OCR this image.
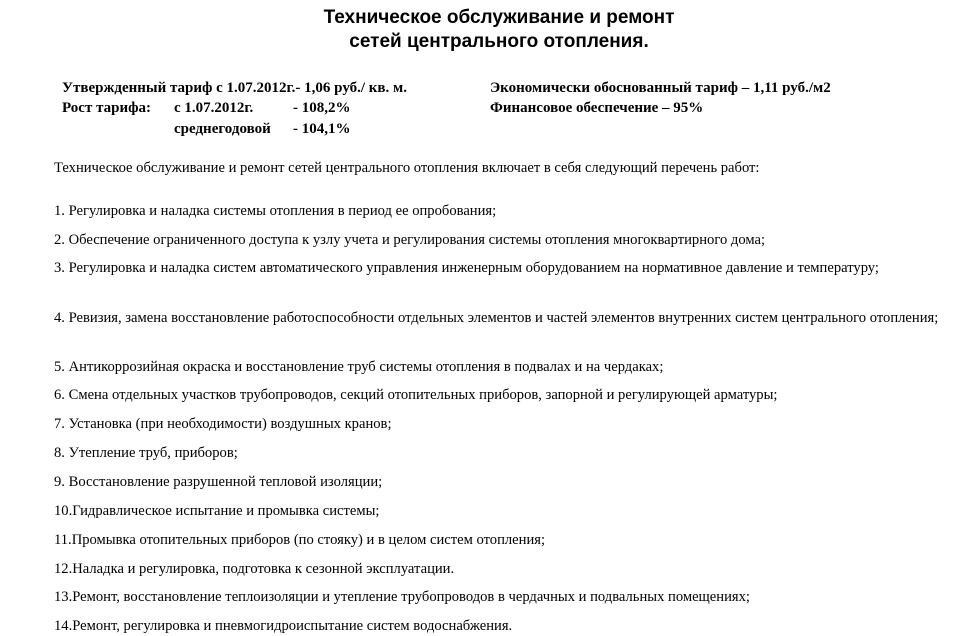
Техническое обслуживание и ремонт
сетей центрального отопления.
Утвержденный тариф с 1.07.2012г.- 1,06 руб./ кв. м.
Рост тарифа: с 1.07.2012г.	- 108,2%
среднегодовой - 104,1%
Экономически обоснованный тариф – 1,11 руб./м2
Финансовое обеспечение – 95%

Техническое обслуживание и ремонт сетей центрального отопления включает в себя следующий перечень работ:

1. Регулировка и наладка системы отопления в период ее опробования;

2. Обеспечение ограниченного доступа к узлу учета и регулирования системы отопления многоквартирного дома;

3. Регулировка и наладка систем автоматического управления инженерным оборудованием на нормативное давление и температуру;

4. Ревизия, замена восстановление работоспособности отдельных элементов и частей элементов внутренних систем центрального отопления;

5. Антикоррозийная окраска и восстановление труб системы отопления в подвалах и на чердаках;

6. Смена отдельных участков трубопроводов, секций отопительных приборов, запорной и регулирующей арматуры;

7. Установка (при необходимости) воздушных кранов;

8. Утепление труб, приборов;

9. Восстановление разрушенной тепловой изоляции;

10.Гидравлическое испытание и промывка системы;

11.Промывка отопительных приборов (по стояку) и в целом систем отопления;

12.Наладка и регулировка, подготовка к сезонной эксплуатации.

13.Ремонт, восстановление теплоизоляции и утепление трубопроводов в чердачных и подвальных помещениях;

14.Ремонт, регулировка и пневмогидроиспытание систем водоснабжения.
